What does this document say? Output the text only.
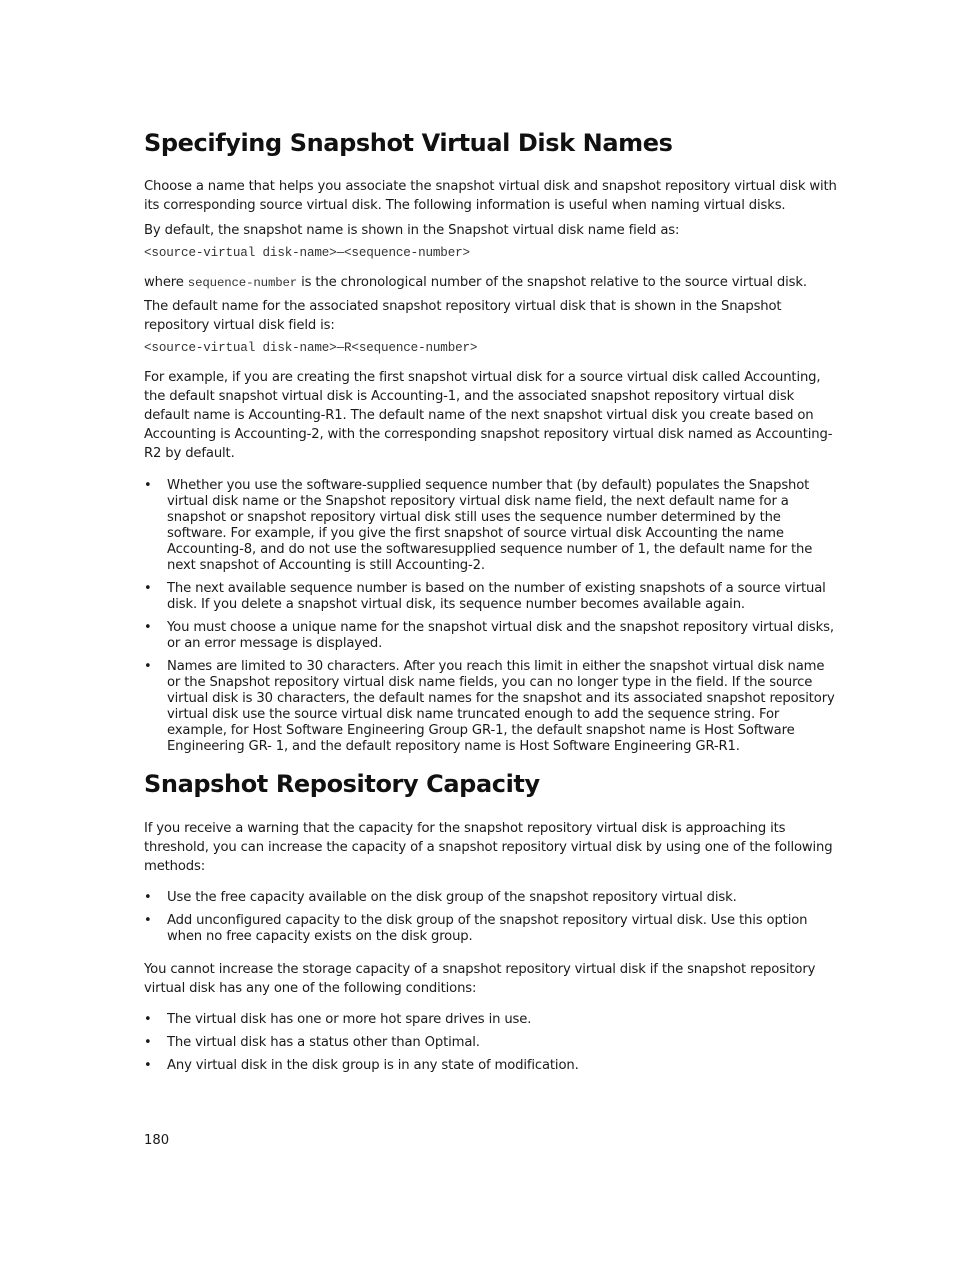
Specifying Snapshot Virtual Disk Names

Choose a name that helps you associate the snapshot virtual disk and snapshot repository virtual disk with its corresponding source virtual disk. The following information is useful when naming virtual disks.

By default, the snapshot name is shown in the Snapshot virtual disk name field as:

<source-virtual disk-name>—<sequence-number>

where sequence-number is the chronological number of the snapshot relative to the source virtual disk.

The default name for the associated snapshot repository virtual disk that is shown in the Snapshot repository virtual disk field is:

<source-virtual disk-name>—R<sequence-number>

For example, if you are creating the first snapshot virtual disk for a source virtual disk called Accounting, the default snapshot virtual disk is Accounting-1, and the associated snapshot repository virtual disk default name is Accounting-R1. The default name of the next snapshot virtual disk you create based on Accounting is Accounting-2, with the corresponding snapshot repository virtual disk named as Accounting-R2 by default.

• Whether you use the software-supplied sequence number that (by default) populates the Snapshot virtual disk name or the Snapshot repository virtual disk name field, the next default name for a snapshot or snapshot repository virtual disk still uses the sequence number determined by the software. For example, if you give the first snapshot of source virtual disk Accounting the name Accounting-8, and do not use the softwaresupplied sequence number of 1, the default name for the next snapshot of Accounting is still Accounting-2.
• The next available sequence number is based on the number of existing snapshots of a source virtual disk. If you delete a snapshot virtual disk, its sequence number becomes available again.
• You must choose a unique name for the snapshot virtual disk and the snapshot repository virtual disks, or an error message is displayed.
• Names are limited to 30 characters. After you reach this limit in either the snapshot virtual disk name or the Snapshot repository virtual disk name fields, you can no longer type in the field. If the source virtual disk is 30 characters, the default names for the snapshot and its associated snapshot repository virtual disk use the source virtual disk name truncated enough to add the sequence string. For example, for Host Software Engineering Group GR-1, the default snapshot name is Host Software Engineering GR- 1, and the default repository name is Host Software Engineering GR-R1.
Snapshot Repository Capacity

If you receive a warning that the capacity for the snapshot repository virtual disk is approaching its threshold, you can increase the capacity of a snapshot repository virtual disk by using one of the following methods:

• Use the free capacity available on the disk group of the snapshot repository virtual disk.
• Add unconfigured capacity to the disk group of the snapshot repository virtual disk. Use this option when no free capacity exists on the disk group.

You cannot increase the storage capacity of a snapshot repository virtual disk if the snapshot repository virtual disk has any one of the following conditions:

• The virtual disk has one or more hot spare drives in use.
• The virtual disk has a status other than Optimal.
• Any virtual disk in the disk group is in any state of modification.
180
